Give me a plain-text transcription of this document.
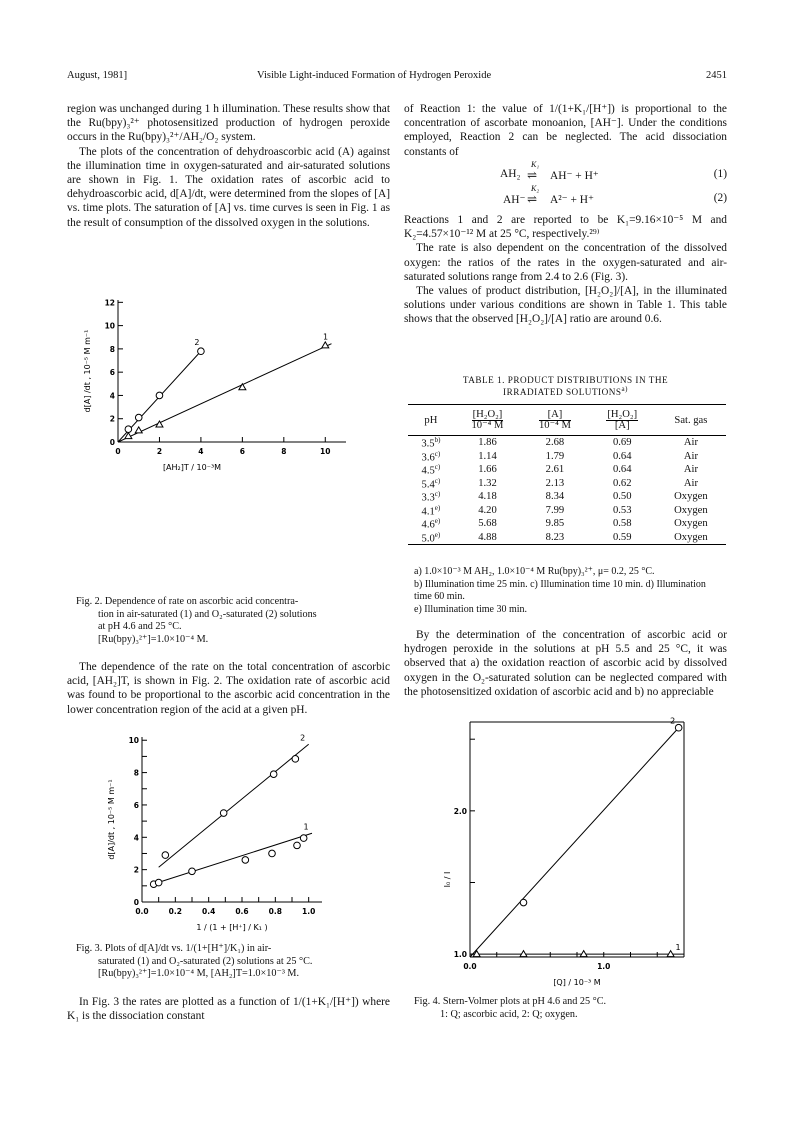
August, 1981]	Visible Light-induced Formation of Hydrogen Peroxide	2451

region was unchanged during 1 h illumination. These results show that the Ru(bpy)₃²⁺ photosensitized production of hydrogen peroxide occurs in the Ru(bpy)₃²⁺/AH₂/O₂ system.

The plots of the concentration of dehydroascorbic acid (A) against the illumination time in oxygen-saturated and air-saturated solutions are shown in Fig. 1. The oxidation rates of ascorbic acid to dehydroascorbic acid, d[A]/dt, were determined from the slopes of [A] vs. time plots. The saturation of [A] vs. time curves is seen in Fig. 1 as the result of consumption of the dissolved oxygen in the solutions.

0	2	4	6	8	10
0
2
4
6
8
10
12
[AH₂]T / 10⁻³M
d[A] /dt , 10⁻⁵ M m⁻¹	1
2

Fig. 2. Dependence of rate on ascorbic acid concentra-

tion in air-saturated (1) and O₂-saturated (2) solutions

at pH 4.6 and 25 °C.

[Ru(bpy)₃²⁺]=1.0×10⁻⁴ M.

The dependence of the rate on the total concentration of ascorbic acid, [AH₂]T, is shown in Fig. 2. The oxidation rate of ascorbic acid was found to be proportional to the ascorbic acid concentration in the lower concentration region of the acid at a given pH.

0.0	0.2	0.4	0.6	0.8	1.0
0
2
4
6
8
10
1 / (1 + [H⁺] / K₁ )
d[A]/dt , 10⁻⁵ M m⁻¹	1
2

Fig. 3. Plots of d[A]/dt vs. 1/(1+[H⁺]/K₁) in air-

saturated (1) and O₂-saturated (2) solutions at 25 °C.

[Ru(bpy)₃²⁺]=1.0×10⁻⁴ M, [AH₂]T=1.0×10⁻³ M.

In Fig. 3 the rates are plotted as a function of 1/(1+K₁/[H⁺]) where K₁ is the dissociation constant

of Reaction 1: the value of 1/(1+K₁/[H⁺]) is proportional to the concentration of ascorbate monoanion, [AH⁻]. Under the conditions employed, Reaction 2 can be neglected. The acid dissociation constants of

AH₂
K₁
⇌ AH⁻ + H⁺	(1)
AH⁻
K₂
⇌ A²⁻ + H⁺	(2)

Reactions 1 and 2 are reported to be K₁=9.16×10⁻⁵ M and K₂=4.57×10⁻¹² M at 25 °C, respectively.²⁹⁾

The rate is also dependent on the concentration of the dissolved oxygen: the ratios of the rates in the oxygen-saturated and air-saturated solutions range from 2.4 to 2.6 (Fig. 3).

The values of product distribution, [H₂O₂]/[A], in the illuminated solutions under various conditions are shown in Table 1. This table shows that the observed [H₂O₂]/[A] ratio are around 0.6.

TABLE 1. PRODUCT DISTRIBUTIONS IN THE
IRRADIATED SOLUTIONS$^{a)}$
pH	$\frac{\text{[H₂O₂]}}{\text{10⁻⁴ M}}$	$\frac{[A]}{\text{10⁻⁴ M}}$	$\frac{\text{[H₂O₂]}}{[A]}$	Sat. gas
3.5$^{b)}$	1.86	2.68	0.69	Air
3.6$^{c)}$	1.14	1.79	0.64	Air
4.5$^{c)}$	1.66	2.61	0.64	Air
5.4$^{c)}$	1.32	2.13	0.62	Air
3.3$^{c)}$	4.18	8.34	0.50	Oxygen
4.1$^{e)}$	4.20	7.99	0.53	Oxygen
4.6$^{e)}$	5.68	9.85	0.58	Oxygen
5.0$^{e)}$	4.88	8.23	0.59	Oxygen

a) 1.0×10⁻³ M AH₂, 1.0×10⁻⁴ M Ru(bpy)₃²⁺, μ= 0.2, 25 °C.

b) Illumination time 25 min. c) Illumination time 10 min. d) Illumination time 60 min.

e) Illumination time 30 min.

By the determination of the concentration of ascorbic acid or hydrogen peroxide in the solutions at pH 5.5 and 25 °C, it was observed that a) the oxidation reaction of ascorbic acid by dissolved oxygen in the O₂-saturated solution can be neglected compared with the photosensitized oxidation of ascorbic acid and b) no appreciable

0.0	1.0
1.0
2.0
[Q] / 10⁻³ M
I₀ / I
1
2

Fig. 4. Stern-Volmer plots at pH 4.6 and 25 °C.

1: Q; ascorbic acid, 2: Q; oxygen.
